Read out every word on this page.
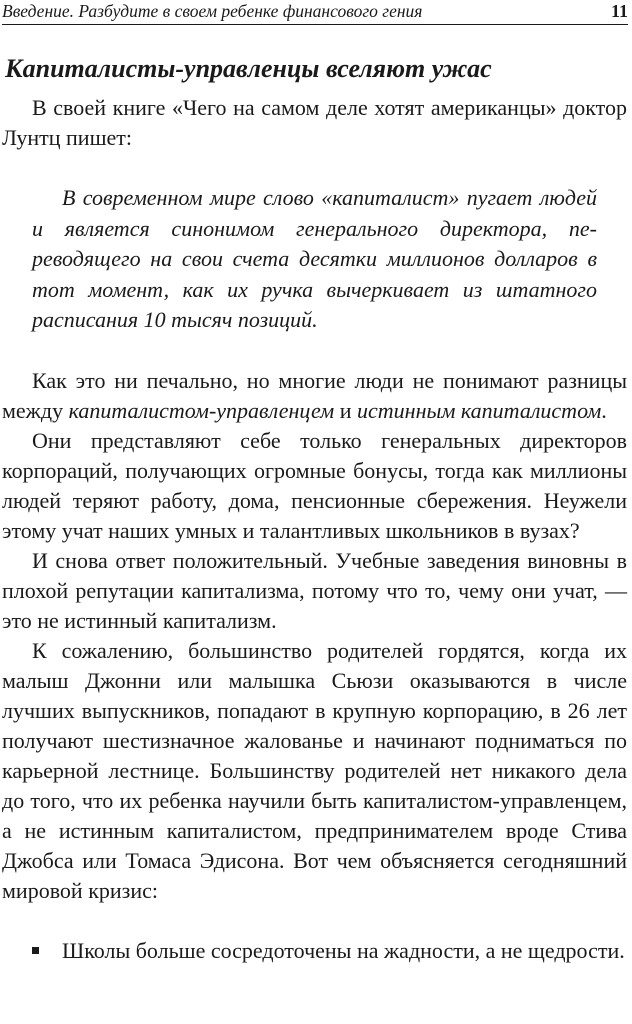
Введение. Разбудите в своем ребенке финансового гения	11
Капиталисты-управленцы вселяют ужас

В своей книге «Чего на самом деле хотят американцы» доктор Лунтц пишет:

В современном мире слово «капиталист» пугает людей и является синонимом генерального директора, переводящего на свои счета десятки миллионов долларов в тот момент, как их ручка вычеркивает из штатного расписания 10 тысяч позиций.

Как это ни печально, но многие люди не понимают разницы между капиталистом-управленцем и истинным капиталистом.

Они представляют себе только генеральных директоров корпораций, получающих огромные бонусы, тогда как миллионы людей теряют работу, дома, пенсионные сбережения. Неужели этому учат наших умных и талантливых школьников в вузах?

И снова ответ положительный. Учебные заведения виновны в плохой репутации капитализма, потому что то, чему они учат, — это не истинный капитализм.

К сожалению, большинство родителей гордятся, когда их малыш Джонни или малышка Сьюзи оказываются в числе лучших выпускников, попадают в крупную корпорацию, в 26 лет получают шестизначное жалованье и начинают подниматься по карьерной лестнице. Большинству родителей нет никакого дела до того, что их ребенка научили быть капиталистом-управленцем, а не истинным капиталистом, предпринимателем вроде Стива Джобса или Томаса Эдисона. Вот чем объясняется сегодняшний мировой кризис:

Школы больше сосредоточены на жадности, а не щедрости.
